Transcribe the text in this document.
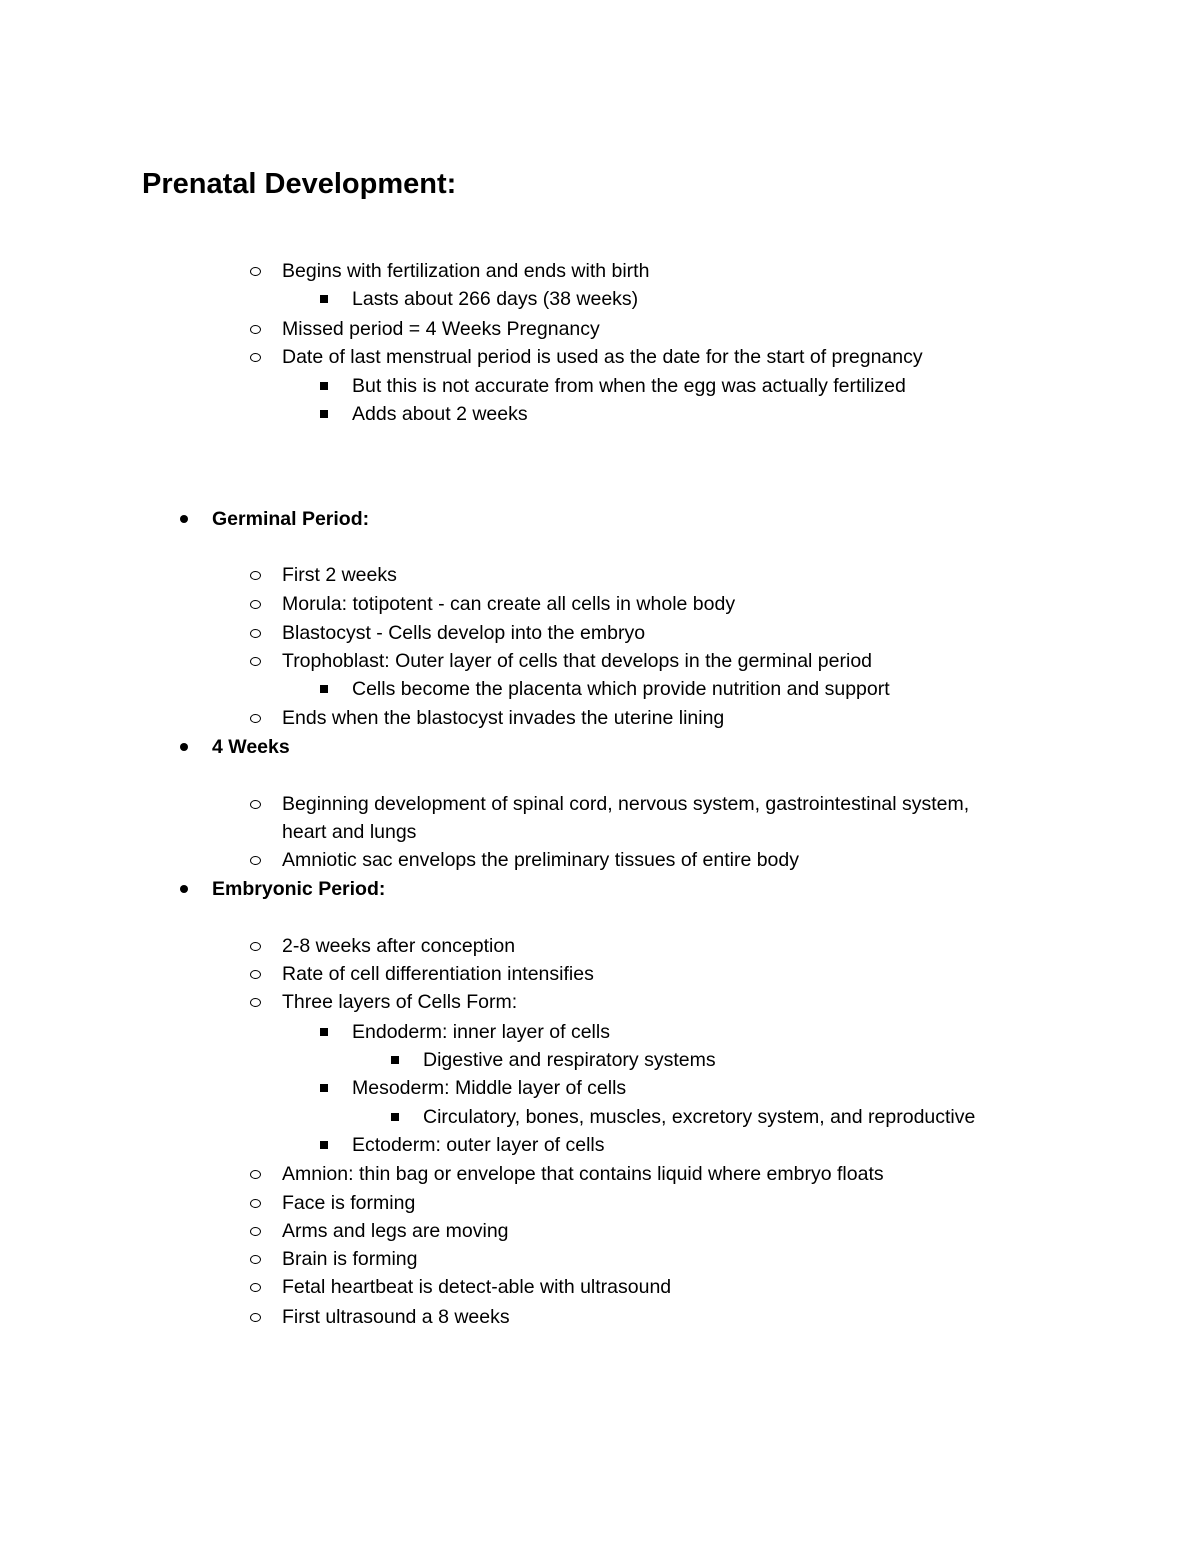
Prenatal Development:
Begins with fertilization and ends with birth
Lasts about 266 days (38 weeks)
Missed period = 4 Weeks Pregnancy
Date of last menstrual period is used as the date for the start of pregnancy
But this is not accurate from when the egg was actually fertilized
Adds about 2 weeks
Germinal Period:
First 2 weeks
Morula: totipotent - can create all cells in whole body
Blastocyst - Cells develop into the embryo
Trophoblast: Outer layer of cells that develops in the germinal period
Cells become the placenta which provide nutrition and support
Ends when the blastocyst invades the uterine lining
4 Weeks
Beginning development of spinal cord, nervous system, gastrointestinal system,
heart and lungs
Amniotic sac envelops the preliminary tissues of entire body
Embryonic Period:
2-8 weeks after conception
Rate of cell differentiation intensifies
Three layers of Cells Form:
Endoderm: inner layer of cells
Digestive and respiratory systems
Mesoderm: Middle layer of cells
Circulatory, bones, muscles, excretory system, and reproductive
Ectoderm: outer layer of cells
Amnion: thin bag or envelope that contains liquid where embryo floats
Face is forming
Arms and legs are moving
Brain is forming
Fetal heartbeat is detect-able with ultrasound
First ultrasound a 8 weeks
